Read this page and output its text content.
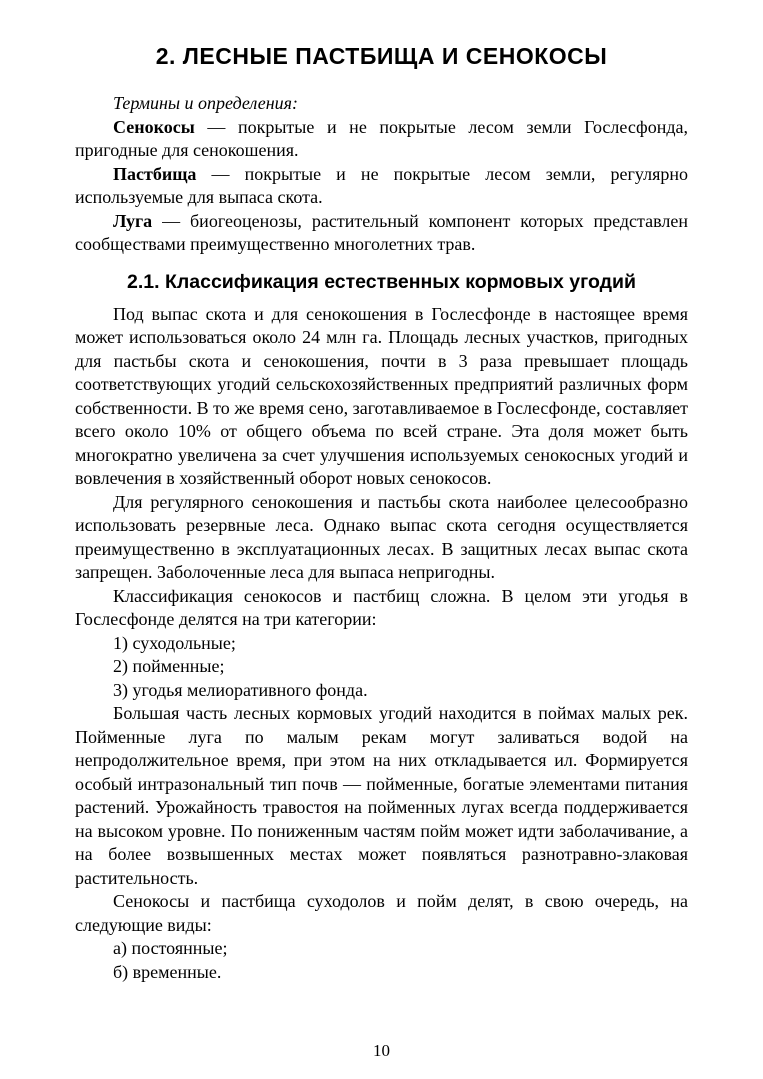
2. ЛЕСНЫЕ ПАСТБИЩА И СЕНОКОСЫ

Термины и определения:

Сенокосы — покрытые и не покрытые лесом земли Гослесфонда, пригодные для сенокошения.

Пастбища — покрытые и не покрытые лесом земли, регулярно используемые для выпаса скота.

Луга — биогеоценозы, растительный компонент которых представлен сообществами преимущественно многолетних трав.

2.1. Классификация естественных кормовых угодий

Под выпас скота и для сенокошения в Гослесфонде в настоящее время может использоваться около 24 млн га. Площадь лесных участков, пригодных для пастьбы скота и сенокошения, почти в 3 раза превышает площадь соответствующих угодий сельскохозяйственных предприятий различных форм собственности. В то же время сено, заготавливаемое в Гослесфонде, составляет всего около 10% от общего объема по всей стране. Эта доля может быть многократно увеличена за счет улучшения используемых сенокосных угодий и вовлечения в хозяйственный оборот новых сенокосов.

Для регулярного сенокошения и пастьбы скота наиболее целесообразно использовать резервные леса. Однако выпас скота сегодня осуществляется преимущественно в эксплуатационных лесах. В защитных лесах выпас скота запрещен. Заболоченные леса для выпаса непригодны.

Классификация сенокосов и пастбищ сложна. В целом эти угодья в Гослесфонде делятся на три категории:

1) суходольные;

2) пойменные;

3) угодья мелиоративного фонда.

Большая часть лесных кормовых угодий находится в поймах малых рек. Пойменные луга по малым рекам могут заливаться водой на непродолжительное время, при этом на них откладывается ил. Формируется особый интразональный тип почв — пойменные, богатые элементами питания растений. Урожайность травостоя на пойменных лугах всегда поддерживается на высоком уровне. По пониженным частям пойм может идти заболачивание, а на более возвышенных местах может появляться разнотравно-злаковая растительность.

Сенокосы и пастбища суходолов и пойм делят, в свою очередь, на следующие виды:

а) постоянные;

б) временные.

10
